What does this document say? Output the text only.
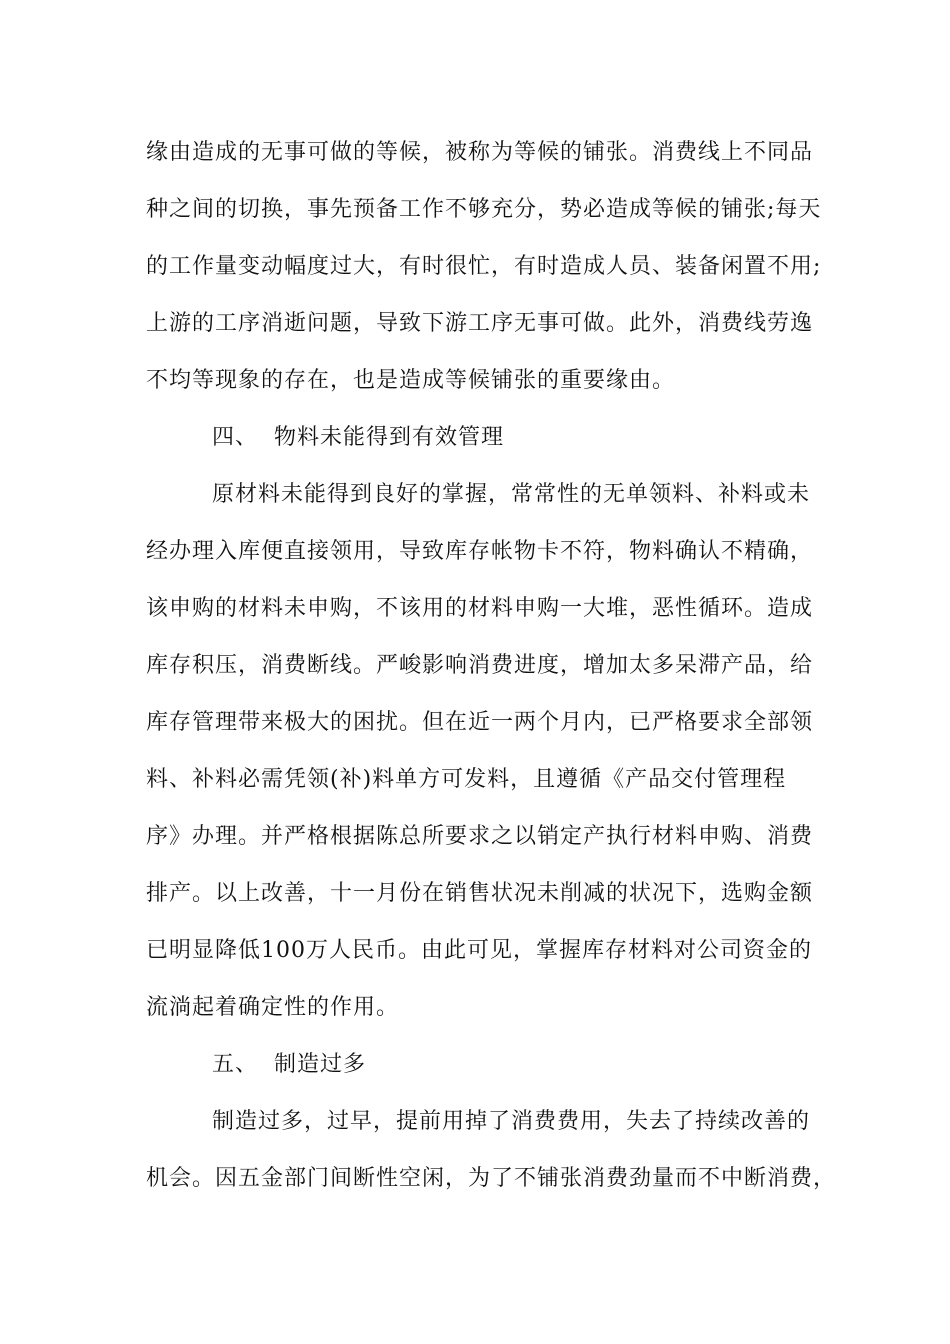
缘由造成的无事可做的等候，被称为等候的铺张。消费线上不同品
种之间的切换，事先预备工作不够充分，势必造成等候的铺张;每天
的工作量变动幅度过大，有时很忙，有时造成人员、装备闲置不用;
上游的工序消逝问题，导致下游工序无事可做。此外，消费线劳逸
不均等现象的存在，也是造成等候铺张的重要缘由。
四、 物料未能得到有效管理
原材料未能得到良好的掌握，常常性的无单领料、补料或未
经办理入库便直接领用，导致库存帐物卡不符，物料确认不精确，
该申购的材料未申购，不该用的材料申购一大堆，恶性循环。造成
库存积压，消费断线。严峻影响消费进度，增加太多呆滞产品，给
库存管理带来极大的困扰。但在近一两个月内，已严格要求全部领
料、补料必需凭领(补)料单方可发料，且遵循《产品交付管理程
序》办理。并严格根据陈总所要求之以销定产执行材料申购、消费
排产。以上改善，十一月份在销售状况未削减的状况下，选购金额
已明显降低100万人民币。由此可见，掌握库存材料对公司资金的
流淌起着确定性的作用。
五、 制造过多
制造过多，过早，提前用掉了消费费用，失去了持续改善的
机会。因五金部门间断性空闲，为了不铺张消费劲量而不中断消费，
